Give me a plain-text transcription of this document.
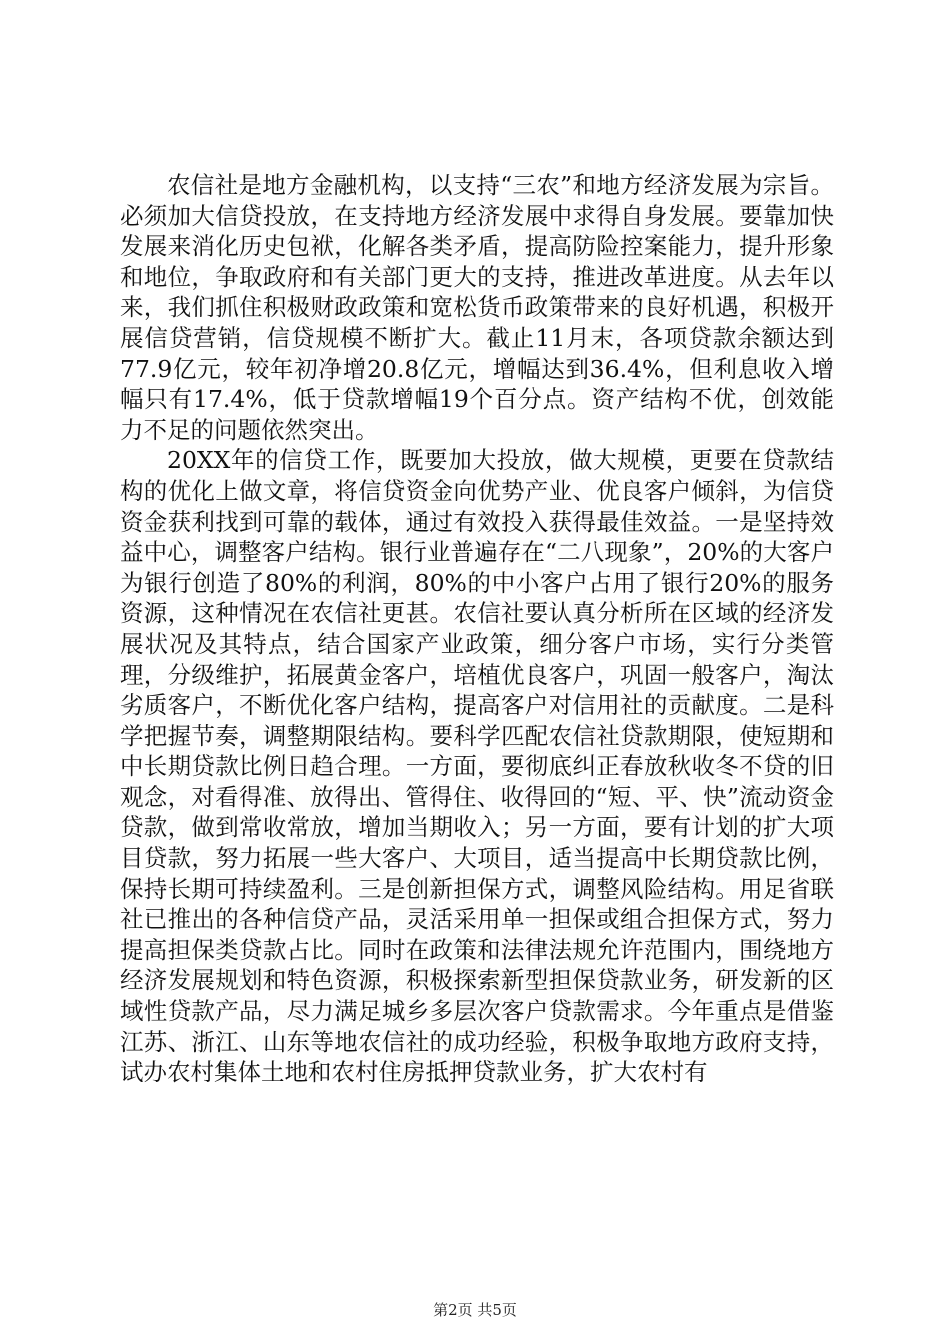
农信社是地方金融机构，以支持“三农”和地方经济发展为宗旨。必须加大信贷投放，在支持地方经济发展中求得自身发展。要靠加快发展来消化历史包袱，化解各类矛盾，提高防险控案能力，提升形象和地位，争取政府和有关部门更大的支持，推进改革进度。从去年以来，我们抓住积极财政政策和宽松货币政策带来的良好机遇，积极开展信贷营销，信贷规模不断扩大。截止11月末，各项贷款余额达到77.9亿元，较年初净增20.8亿元，增幅达到36.4%，但利息收入增幅只有17.4%，低于贷款增幅19个百分点。资产结构不优，创效能力不足的问题依然突出。

20XX年的信贷工作，既要加大投放，做大规模，更要在贷款结构的优化上做文章，将信贷资金向优势产业、优良客户倾斜，为信贷资金获利找到可靠的载体，通过有效投入获得最佳效益。一是坚持效益中心，调整客户结构。银行业普遍存在“二八现象”，20%的大客户为银行创造了80%的利润，80%的中小客户占用了银行20%的服务资源，这种情况在农信社更甚。农信社要认真分析所在区域的经济发展状况及其特点，结合国家产业政策，细分客户市场，实行分类管理，分级维护，拓展黄金客户，培植优良客户，巩固一般客户，淘汰劣质客户，不断优化客户结构，提高客户对信用社的贡献度。二是科学把握节奏，调整期限结构。要科学匹配农信社贷款期限，使短期和中长期贷款比例日趋合理。一方面，要彻底纠正春放秋收冬不贷的旧观念，对看得准、放得出、管得住、收得回的“短、平、快”流动资金贷款，做到常收常放，增加当期收入；另一方面，要有计划的扩大项目贷款，努力拓展一些大客户、大项目，适当提高中长期贷款比例，保持长期可持续盈利。三是创新担保方式，调整风险结构。用足省联社已推出的各种信贷产品，灵活采用单一担保或组合担保方式，努力提高担保类贷款占比。同时在政策和法律法规允许范围内，围绕地方经济发展规划和特色资源，积极探索新型担保贷款业务，研发新的区域性贷款产品，尽力满足城乡多层次客户贷款需求。今年重点是借鉴江苏、浙江、山东等地农信社的成功经验，积极争取地方政府支持，试办农村集体土地和农村住房抵押贷款业务，扩大农村有

第2页 共5页
